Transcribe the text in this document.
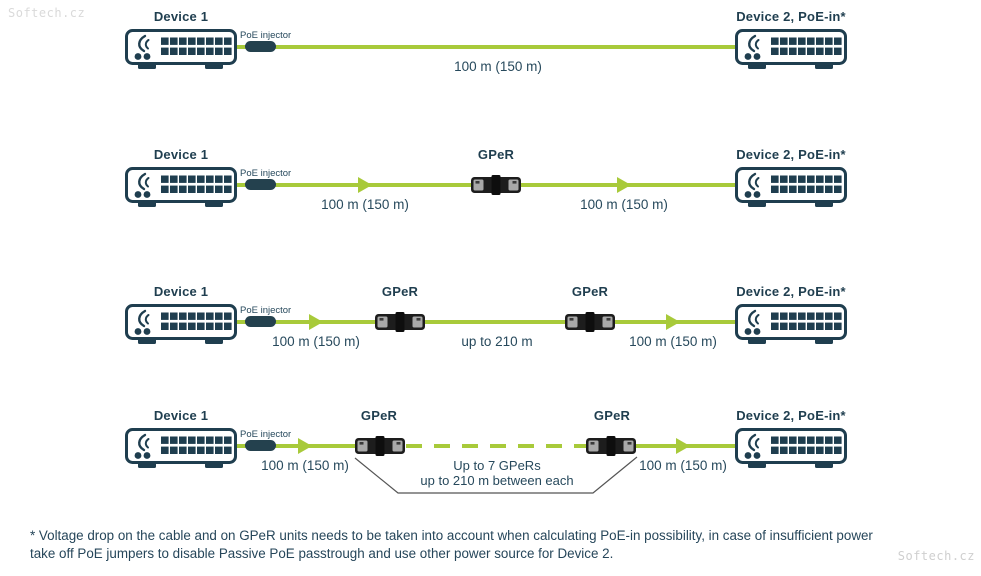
Softech.cz	Device 1	Device 2, PoE-in*
PoE injector
100 m (150 m)
Device 1	GPeR	Device 2, PoE-in*
PoE injector
100 m (150 m)	100 m (150 m)
Device 1	GPeR	GPeR	Device 2, PoE-in*
PoE injector
100 m (150 m)	up to 210 m	100 m (150 m)
Device 1	GPeR	GPeR	Device 2, PoE-in*
PoE injector
100 m (150 m)	100 m (150 m)
Up to 7 GPeRs
up to 210 m between each
* Voltage drop on the cable and on GPeR units needs to be taken into account when calculating PoE-in possibility, in case of insufficient power
take off PoE jumpers to disable Passive PoE passtrough and use other power source for Device 2.	Softech.cz
